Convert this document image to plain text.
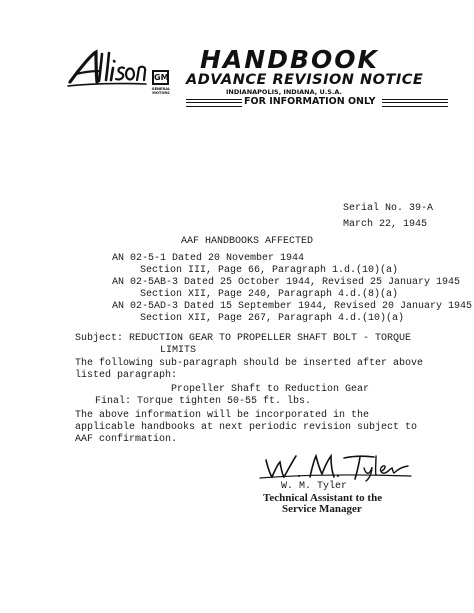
GM
GENERAL
MOTORS
HANDBOOK
ADVANCE REVISION NOTICE
INDIANAPOLIS, INDIANA, U.S.A.
FOR INFORMATION ONLY
Serial No. 39-A
March 22, 1945
AAF HANDBOOKS AFFECTED
AN 02-5-1 Dated 20 November 1944
Section III, Page 66, Paragraph 1.d.(10)(a)
AN 02-5AB-3 Dated 25 October 1944, Revised 25 January 1945
Section XII, Page 240, Paragraph 4.d.(8)(a)
AN 02-5AD-3 Dated 15 September 1944, Revised 20 January 1945
Section XII, Page 267, Paragraph 4.d.(10)(a)
Subject: REDUCTION GEAR TO PROPELLER SHAFT BOLT - TORQUE
LIMITS
The following sub-paragraph should be inserted after above
listed paragraph:
Propeller Shaft to Reduction Gear
Final: Torque tighten 50-55 ft. lbs.
The above information will be incorporated in the
applicable handbooks at next periodic revision subject to
AAF confirmation.
W. M. Tyler
Technical Assistant to the
Service Manager
